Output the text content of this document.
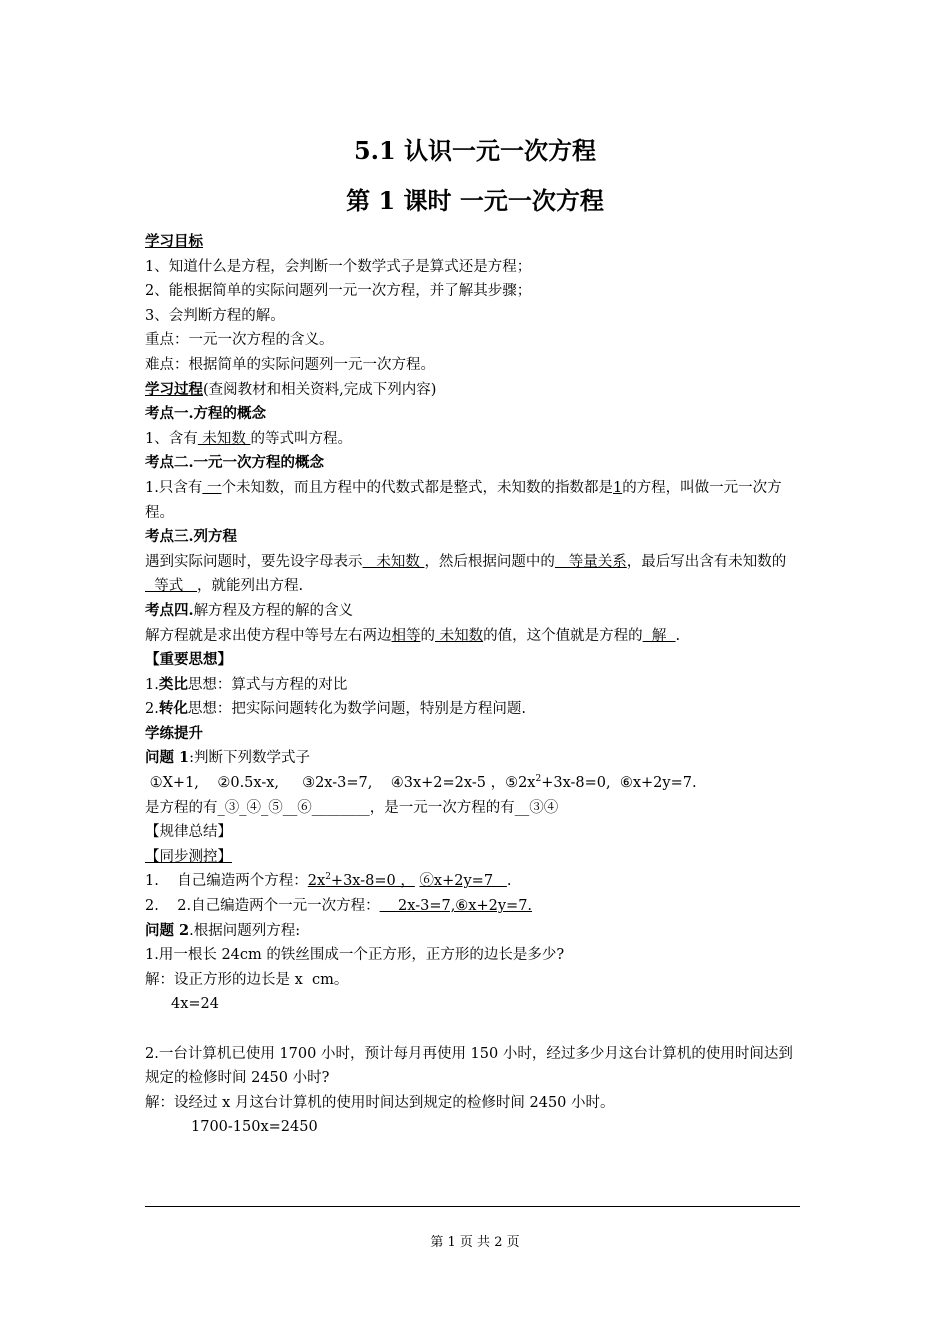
5.1 认识一元一次方程
第 1 课时 一元一次方程
学习目标
1、知道什么是方程，会判断一个数学式子是算式还是方程；
2、能根据简单的实际问题列一元一次方程，并了解其步骤；
3、会判断方程的解。
重点：一元一次方程的含义。
难点：根据简单的实际问题列一元一次方程。
学习过程(查阅教材和相关资料,完成下列内容)
考点一.方程的概念
1、含有 未知数 的等式叫方程。
考点二.一元一次方程的概念
1.只含有 一个未知数，而且方程中的代数式都是整式，未知数的指数都是1的方程，叫做一元一次方程。
考点三.列方程
遇到实际问题时，要先设字母表示   未知数 ，然后根据问题中的   等量关系，最后写出含有未知数的  等式   ，就能列出方程.
考点四.解方程及方程的解的含义
解方程就是求出使方程中等号左右两边相等的 未知数的值，这个值就是方程的  解  .
【重要思想】
1.类比思想：算式与方程的对比
2.转化思想：把实际问题转化为数学问题，特别是方程问题.
学练提升
问题 1:判断下列数学式子
①X+1,    ②0.5x-x,     ③2x-3=7,    ④3x+2=2x-5 ，$⑤2x^2+3x-8=0$,  ⑥x+2y=7.
是方程的有_③_④_⑤__⑥________，是一元一次方程的有__③④
【规律总结】
【同步测控】
1.    自己编造两个方程：$2x^2+3x-8=0$ ， ⑥x+2y=7   .
2.    2.自己编造两个一元一次方程：    2x-3=7,⑥x+2y=7.
问题 2.根据问题列方程:
1.用一根长 24cm 的铁丝围成一个正方形，正方形的边长是多少?
解：设正方形的边长是 x  cm。
4x=24
2.一台计算机已使用 1700 小时，预计每月再使用 150 小时，经过多少月这台计算机的使用时间达到规定的检修时间 2450 小时?
解：设经过 x 月这台计算机的使用时间达到规定的检修时间 2450 小时。
1700-150x=2450
第 1 页 共 2 页
